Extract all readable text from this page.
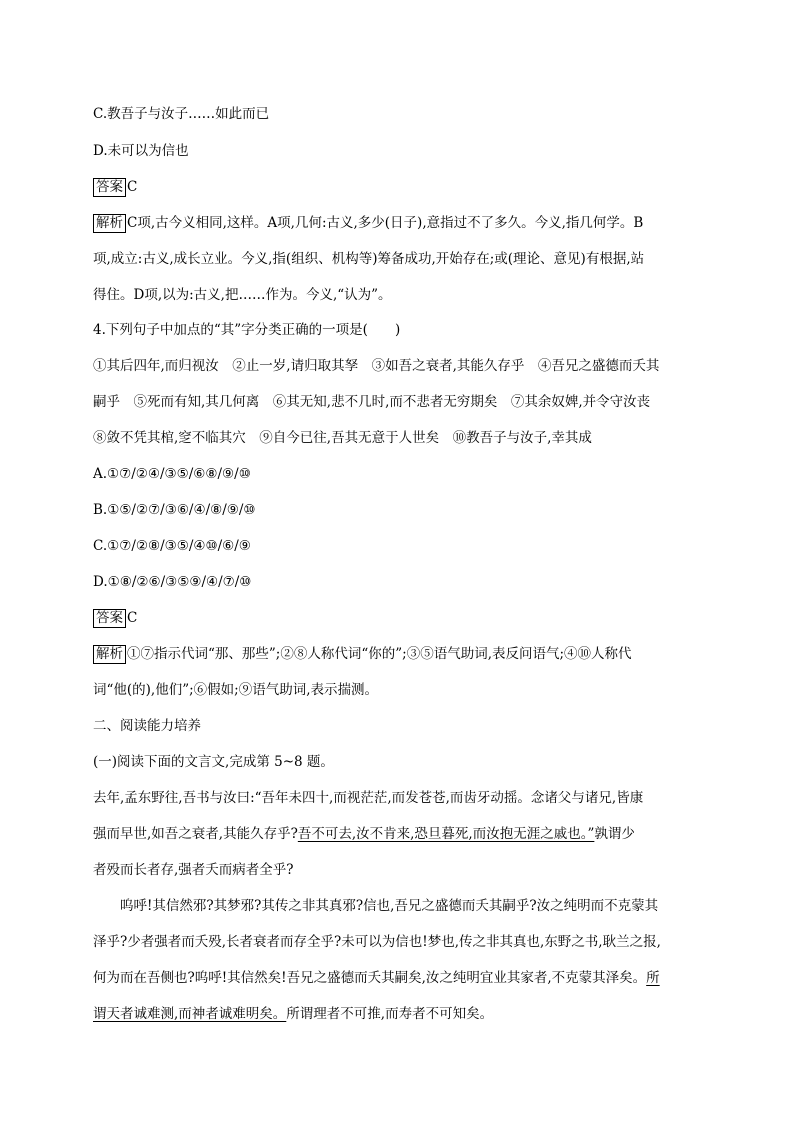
C.教吾子与汝子……如此而已
D.未可以为信也
答案 C
解析 C项,古今义相同,这样。A项,几何:古义,多少(日子),意指过不了多久。今义,指几何学。B
项,成立:古义,成长立业。今义,指(组织、机构等)筹备成功,开始存在;或(理论、意见)有根据,站
得住。D项,以为:古义,把……作为。今义,“认为”。
4.下列句子中加点的“其”字分类正确的一项是(　　)
①其后四年,而归视汝　②止一岁,请归取其孥　③如吾之衰者,其能久存乎　④吾兄之盛德而夭其
嗣乎　⑤死而有知,其几何离　⑥其无知,悲不几时,而不悲者无穷期矣　⑦其余奴婢,并令守汝丧
⑧敛不凭其棺,窆不临其穴　⑨自今已往,吾其无意于人世矣　⑩教吾子与汝子,幸其成
A.①⑦/②④/③⑤/⑥⑧/⑨/⑩
B.①⑤/②⑦/③⑥/④/⑧/⑨/⑩
C.①⑦/②⑧/③⑤/④⑩/⑥/⑨
D.①⑧/②⑥/③⑤⑨/④/⑦/⑩
答案 C
解析 ①⑦指示代词“那、那些”;②⑧人称代词“你的”;③⑤语气助词,表反问语气;④⑩人称代
词“他(的),他们”;⑥假如;⑨语气助词,表示揣测。
二、阅读能力培养
(一)阅读下面的文言文,完成第 5~8 题。
去年,孟东野往,吾书与汝曰:“吾年未四十,而视茫茫,而发苍苍,而齿牙动摇。念诸父与诸兄,皆康
强而早世,如吾之衰者,其能久存乎?吾不可去,汝不肯来,恐旦暮死,而汝抱无涯之戚也。”孰谓少
者殁而长者存,强者夭而病者全乎?
呜呼!其信然邪?其梦邪?其传之非其真邪?信也,吾兄之盛德而夭其嗣乎?汝之纯明而不克蒙其
泽乎?少者强者而夭殁,长者衰者而存全乎?未可以为信也!梦也,传之非其真也,东野之书,耿兰之报,
何为而在吾侧也?呜呼!其信然矣!吾兄之盛德而夭其嗣矣,汝之纯明宜业其家者,不克蒙其泽矣。所
谓天者诚难测,而神者诚难明矣。所谓理者不可推,而寿者不可知矣。
